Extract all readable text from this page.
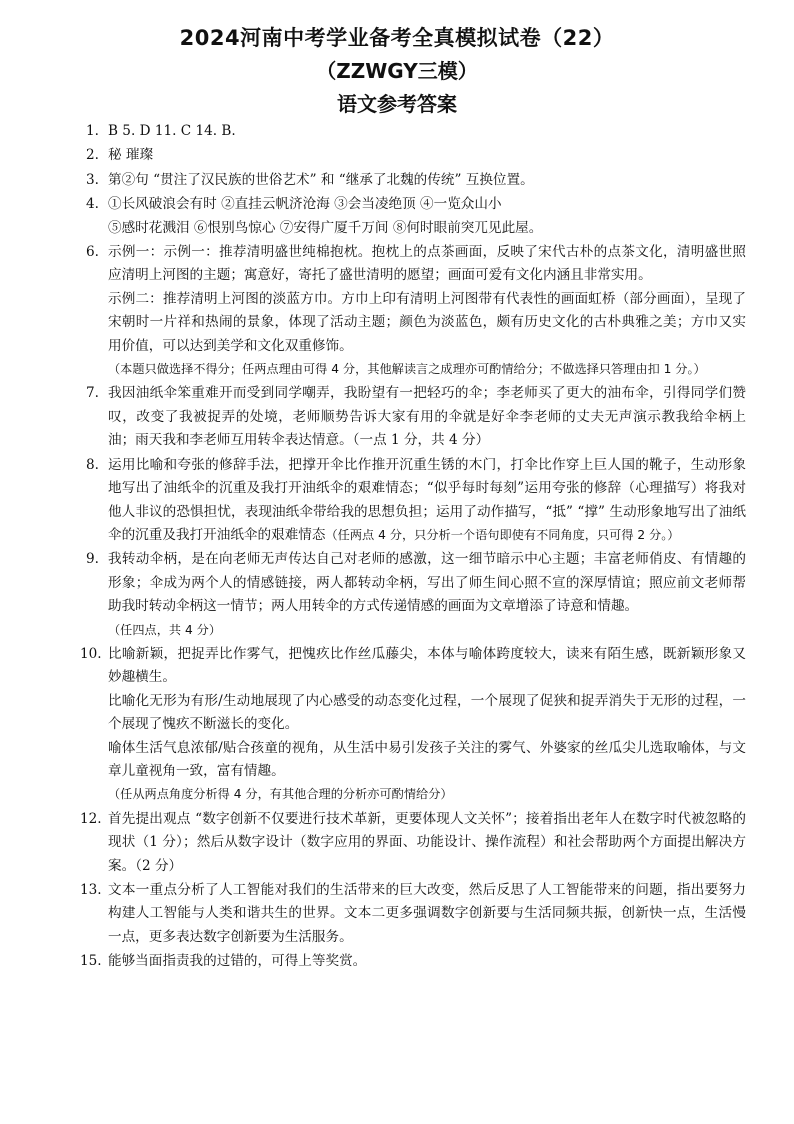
2024河南中考学业备考全真模拟试卷（22）
（ZZWGY三模）
语文参考答案
1. B 5. D 11. C 14. B.

2. 秘 璀璨

3. 第②句 “贯注了汉民族的世俗艺术” 和 “继承了北魏的传统” 互换位置。

4. ①长风破浪会有时 ②直挂云帆济沧海 ③会当凌绝顶 ④一览众山小

⑤感时花溅泪 ⑥恨别鸟惊心 ⑦安得广厦千万间 ⑧何时眼前突兀见此屋。

6. 示例一：示例一：推荐清明盛世纯棉抱枕。抱枕上的点茶画面，反映了宋代古朴的点茶文化，清明盛世照应清明上河图的主题；寓意好，寄托了盛世清明的愿望；画面可爱有文化内涵且非常实用。

示例二：推荐清明上河图的淡蓝方巾。方巾上印有清明上河图带有代表性的画面虹桥（部分画面），呈现了宋朝时一片祥和热闹的景象，体现了活动主题；颜色为淡蓝色，颇有历史文化的古朴典雅之美；方巾又实用价值，可以达到美学和文化双重修饰。

（本题只做选择不得分；任两点理由可得 4 分，其他解读言之成理亦可酌情给分；不做选择只答理由扣 1 分。）

7. 我因油纸伞笨重难开而受到同学嘲弄，我盼望有一把轻巧的伞；李老师买了更大的油布伞，引得同学们赞叹，改变了我被捉弄的处境，老师顺势告诉大家有用的伞就是好伞李老师的丈夫无声演示教我给伞柄上油；雨天我和李老师互用转伞表达情意。（一点 1 分，共 4 分）

8. 运用比喻和夸张的修辞手法，把撑开伞比作推开沉重生锈的木门，打伞比作穿上巨人国的靴子，生动形象地写出了油纸伞的沉重及我打开油纸伞的艰难情态；“似乎每时每刻”运用夸张的修辞（心理描写）将我对他人非议的恐惧担忧，表现油纸伞带给我的思想负担；运用了动作描写，“抵” “撑” 生动形象地写出了油纸伞的沉重及我打开油纸伞的艰难情态（任两点 4 分，只分析一个语句即使有不同角度，只可得 2 分。）

9. 我转动伞柄，是在向老师无声传达自己对老师的感激，这一细节暗示中心主题；丰富老师俏皮、有情趣的形象；伞成为两个人的情感链接，两人都转动伞柄，写出了师生间心照不宣的深厚情谊；照应前文老师帮助我时转动伞柄这一情节；两人用转伞的方式传递情感的画面为文章增添了诗意和情趣。

（任四点，共 4 分）

10. 比喻新颖，把捉弄比作雾气，把愧疚比作丝瓜藤尖，本体与喻体跨度较大，读来有陌生感，既新颖形象又妙趣横生。

比喻化无形为有形/生动地展现了内心感受的动态变化过程，一个展现了促狭和捉弄消失于无形的过程，一个展现了愧疚不断滋长的变化。

喻体生活气息浓郁/贴合孩童的视角，从生活中易引发孩子关注的雾气、外婆家的丝瓜尖儿选取喻体，与文章儿童视角一致，富有情趣。

（任从两点角度分析得 4 分，有其他合理的分析亦可酌情给分）

12. 首先提出观点 “数字创新不仅要进行技术革新，更要体现人文关怀”；接着指出老年人在数字时代被忽略的现状（1 分）；然后从数字设计（数字应用的界面、功能设计、操作流程）和社会帮助两个方面提出解决方案。（2 分）

13. 文本一重点分析了人工智能对我们的生活带来的巨大改变，然后反思了人工智能带来的问题，指出要努力构建人工智能与人类和谐共生的世界。文本二更多强调数字创新要与生活同频共振，创新快一点，生活慢一点，更多表达数字创新要为生活服务。

15. 能够当面指责我的过错的，可得上等奖赏。
